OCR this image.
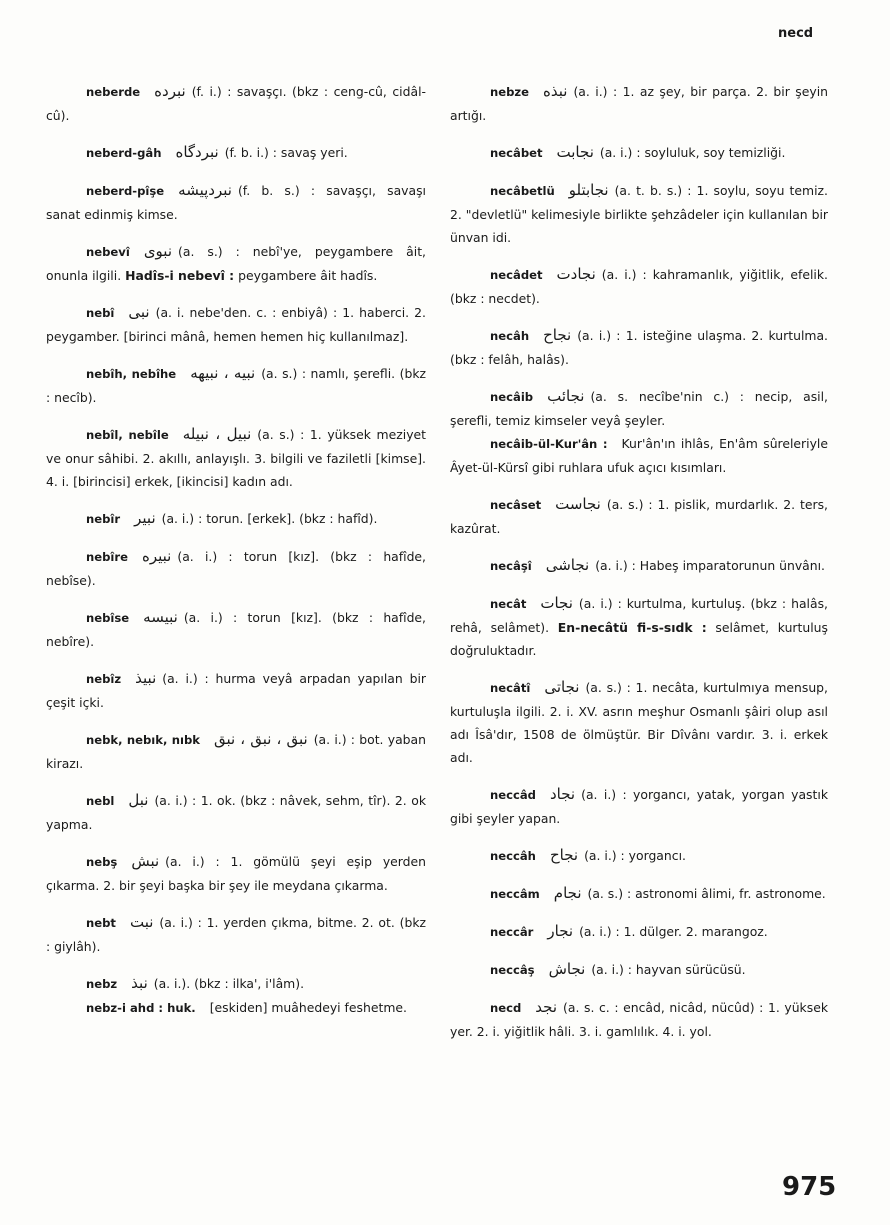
necd
neberde نبرده (f. i.) : savaşçı. (bkz : ceng-cû, cidâl-cû).
neberd-gâh نبردگاه (f. b. i.) : savaş yeri.
neberd-pîşe نبردپیشه (f. b. s.) : savaşçı, savaşı sanat edinmiş kimse.
nebevî نبوی (a. s.) : nebî'ye, peygambere âit, onunla ilgili. Hadîs-i nebevî : peygambere âit hadîs.
nebî نبی (a. i. nebe'den. c. : enbiyâ) : 1. haberci. 2. peygamber. [birinci mânâ, hemen hemen hiç kullanılmaz].
nebîh, nebîhe نبیه ، نبیهه (a. s.) : namlı, şerefli. (bkz : necîb).
nebîl, nebîle نبیل ، نبیله (a. s.) : 1. yüksek meziyet ve onur sâhibi. 2. akıllı, anlayışlı. 3. bilgili ve faziletli [kimse]. 4. i. [birincisi] erkek, [ikincisi] kadın adı.
nebîr نبیر (a. i.) : torun. [erkek]. (bkz : hafîd).
nebîre نبیره (a. i.) : torun [kız]. (bkz : hafîde, nebîse).
nebîse نبیسه (a. i.) : torun [kız]. (bkz : hafîde, nebîre).
nebîz نبیذ (a. i.) : hurma veyâ arpadan yapılan bir çeşit içki.
nebk, nebık, nıbk نبق ، نبق ، نبق (a. i.) : bot. yaban kirazı.
nebl نبل (a. i.) : 1. ok. (bkz : nâvek, sehm, tîr). 2. ok yapma.
nebş نبش (a. i.) : 1. gömülü şeyi eşip yerden çıkarma. 2. bir şeyi başka bir şey ile meydana çıkarma.
nebt نبت (a. i.) : 1. yerden çıkma, bitme. 2. ot. (bkz : giylâh).
nebz نبذ (a. i.). (bkz : ilka', i'lâm).
nebz-i ahd : huk. [eskiden] muâhedeyi feshetme.
nebze نبذه (a. i.) : 1. az şey, bir parça. 2. bir şeyin artığı.
necâbet نجابت (a. i.) : soyluluk, soy temizliği.
necâbetlü نجابتلو (a. t. b. s.) : 1. soylu, soyu temiz. 2. "devletlü" kelimesiyle birlikte şehzâdeler için kullanılan bir ünvan idi.
necâdet نجادت (a. i.) : kahramanlık, yiğitlik, efelik. (bkz : necdet).
necâh نجاح (a. i.) : 1. isteğine ulaşma. 2. kurtulma. (bkz : felâh, halâs).
necâib نجائب (a. s. necîbe'nin c.) : necip, asil, şerefli, temiz kimseler veyâ şeyler.
necâib-ül-Kur'ân : Kur'ân'ın ihlâs, En'âm sûreleriyle Âyet-ül-Kürsî gibi ruhlara ufuk açıcı kısımları.
necâset نجاست (a. s.) : 1. pislik, murdarlık. 2. ters, kazûrat.
necâşî نجاشی (a. i.) : Habeş imparatorunun ünvânı.
necât نجات (a. i.) : kurtulma, kurtuluş. (bkz : halâs, rehâ, selâmet). En-necâtü fi-s-sıdk : selâmet, kurtuluş doğruluktadır.
necâtî نجاتی (a. s.) : 1. necâta, kurtulmıya mensup, kurtuluşla ilgili. 2. i. XV. asrın meşhur Osmanlı şâiri olup asıl adı Îsâ'dır, 1508 de ölmüştür. Bir Dîvânı vardır. 3. i. erkek adı.
neccâd نجاد (a. i.) : yorgancı, yatak, yorgan yastık gibi şeyler yapan.
neccâh نجاح (a. i.) : yorgancı.
neccâm نجام (a. s.) : astronomi âlimi, fr. astronome.
neccâr نجار (a. i.) : 1. dülger. 2. marangoz.
neccâş نجاش (a. i.) : hayvan sürücüsü.
necd نجد (a. s. c. : encâd, nicâd, nücûd) : 1. yüksek yer. 2. i. yiğitlik hâli. 3. i. gamlılık. 4. i. yol.
975
